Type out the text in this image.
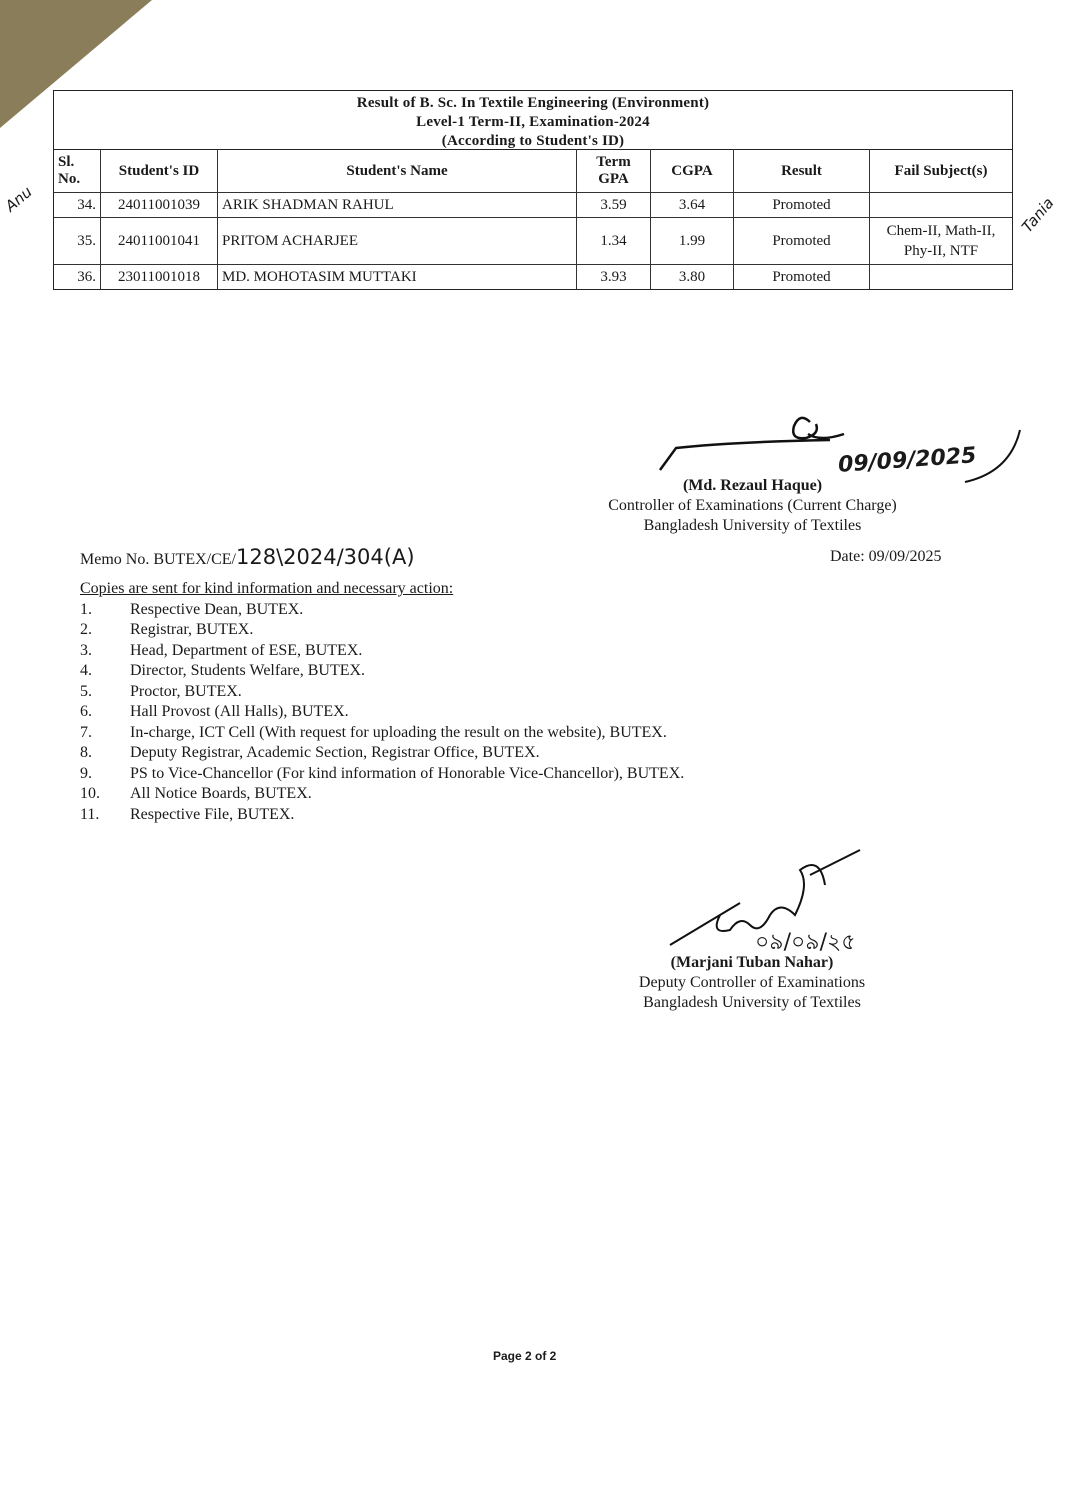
Anu	Tania
Result of B. Sc. In Textile Engineering (Environment)
Level-1 Term-II, Examination-2024
(According to Student's ID)
Sl. No.	Student's ID	Student's Name	Term GPA	CGPA	Result	Fail Subject(s)
34.	24011001039	ARIK SHADMAN RAHUL	3.59	3.64	Promoted	
35.	24011001041	PRITOM ACHARJEE	1.34	1.99	Promoted	Chem-II, Math-II, Phy-II, NTF
36.	23011001018	MD. MOHOTASIM MUTTAKI	3.93	3.80	Promoted	
09/09/2025
(Md. Rezaul Haque)
Controller of Examinations (Current Charge)
Bangladesh University of Textiles
Date: 09/09/2025
Memo No. BUTEX/CE/128\2024/304(A)
Copies are sent for kind information and necessary action:
1.	Respective Dean, BUTEX.
2.	Registrar, BUTEX.
3.	Head, Department of ESE, BUTEX.
4.	Director, Students Welfare, BUTEX.
5.	Proctor, BUTEX.
6.	Hall Provost (All Halls), BUTEX.
7.	In-charge, ICT Cell (With request for uploading the result on the website), BUTEX.
8.	Deputy Registrar, Academic Section, Registrar Office, BUTEX.
9.	PS to Vice-Chancellor (For kind information of Honorable Vice-Chancellor), BUTEX.
10.	All Notice Boards, BUTEX.
11.	Respective File, BUTEX.
০৯/০৯/২৫
(Marjani Tuban Nahar)
Deputy Controller of Examinations
Bangladesh University of Textiles
Page 2 of 2
